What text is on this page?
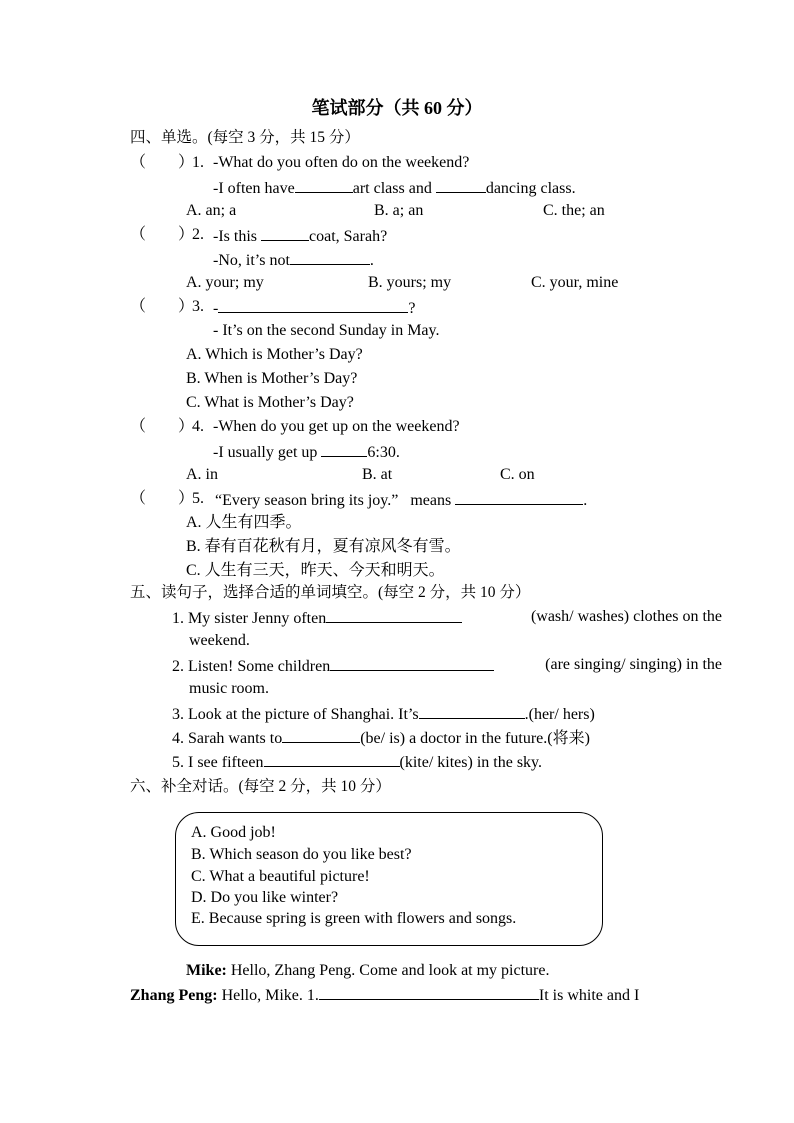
笔试部分（共 60 分）
四、单选。(每空 3 分，共 15 分）
（　　）
1. -What do you often do on the weekend?
-I often have	art class and	dancing class.
A. an; a	B. a; an	C. the; an
（　　）
2. -Is this	coat, Sarah?
-No, it’s not	.
A. your; my	B. yours; my	C. your, mine
（　　）
3. -	?
- It’s on the second Sunday in May.
A. Which is Mother’s Day?
B. When is Mother’s Day?
C. What is Mother’s Day?
（　　）
4. -When do you get up on the weekend?
-I usually get up	6:30.
A. in	B. at	C. on
（　　）
5. “Every season bring its joy.” means	.
A. 人生有四季。
B. 春有百花秋有月，夏有凉风冬有雪。
C. 人生有三天，昨天、今天和明天。
五、读句子，选择合适的单词填空。(每空 2 分，共 10 分）
1. My sister Jenny often	(wash/ washes) clothes on the
weekend.
2. Listen! Some children	(are singing/ singing) in the
music room.
3. Look at the picture of Shanghai. It’s	.(her/ hers)
4. Sarah wants to	(be/ is) a doctor in the future.(将来)
5. I see fifteen	(kite/ kites) in the sky.
六、补全对话。(每空 2 分，共 10 分）
A. Good job!
B. Which season do you like best?
C. What a beautiful picture!
D. Do you like winter?
E. Because spring is green with flowers and songs.
Mike: Hello, Zhang Peng. Come and look at my picture.
Zhang Peng: Hello, Mike. 1.	It is white and I
